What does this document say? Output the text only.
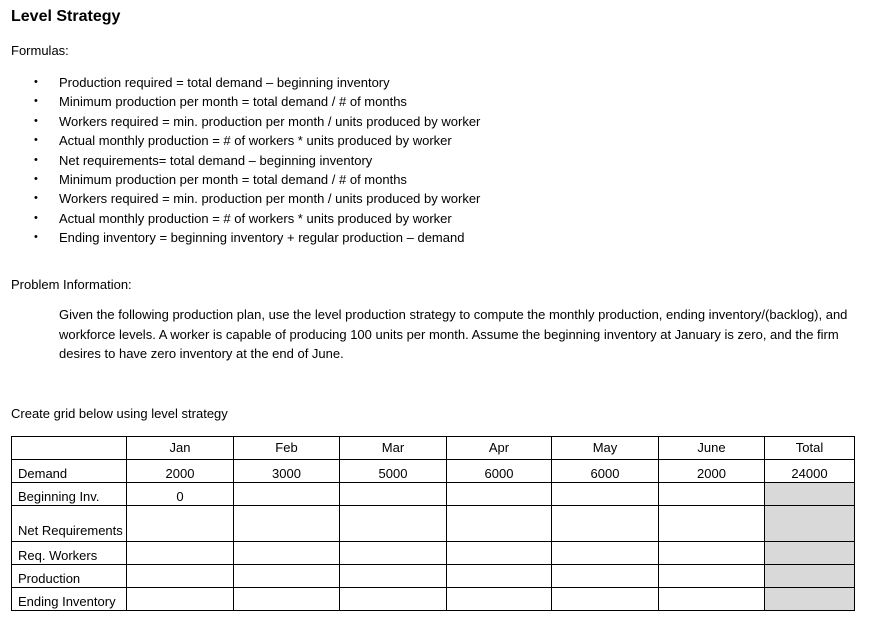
Level Strategy
Formulas:
• Production required = total demand – beginning inventory
• Minimum production per month = total demand / # of months
• Workers required = min. production per month / units produced by worker
• Actual monthly production = # of workers * units produced by worker
• Net requirements= total demand – beginning inventory
• Minimum production per month = total demand / # of months
• Workers required = min. production per month / units produced by worker
• Actual monthly production = # of workers * units produced by worker
• Ending inventory = beginning inventory + regular production – demand
Problem Information:
Given the following production plan, use the level production strategy to compute the monthly production, ending inventory/(backlog), and workforce levels. A worker is capable of producing 100 units per month. Assume the beginning inventory at January is zero, and the firm desires to have zero inventory at the end of June.
Create grid below using level strategy
	Jan	Feb	Mar	Apr	May	June	Total
Demand	2000	3000	5000	6000	6000	2000	24000
Beginning Inv.	0						

Net Requirements							

Req. Workers							
Production							
Ending Inventory							
